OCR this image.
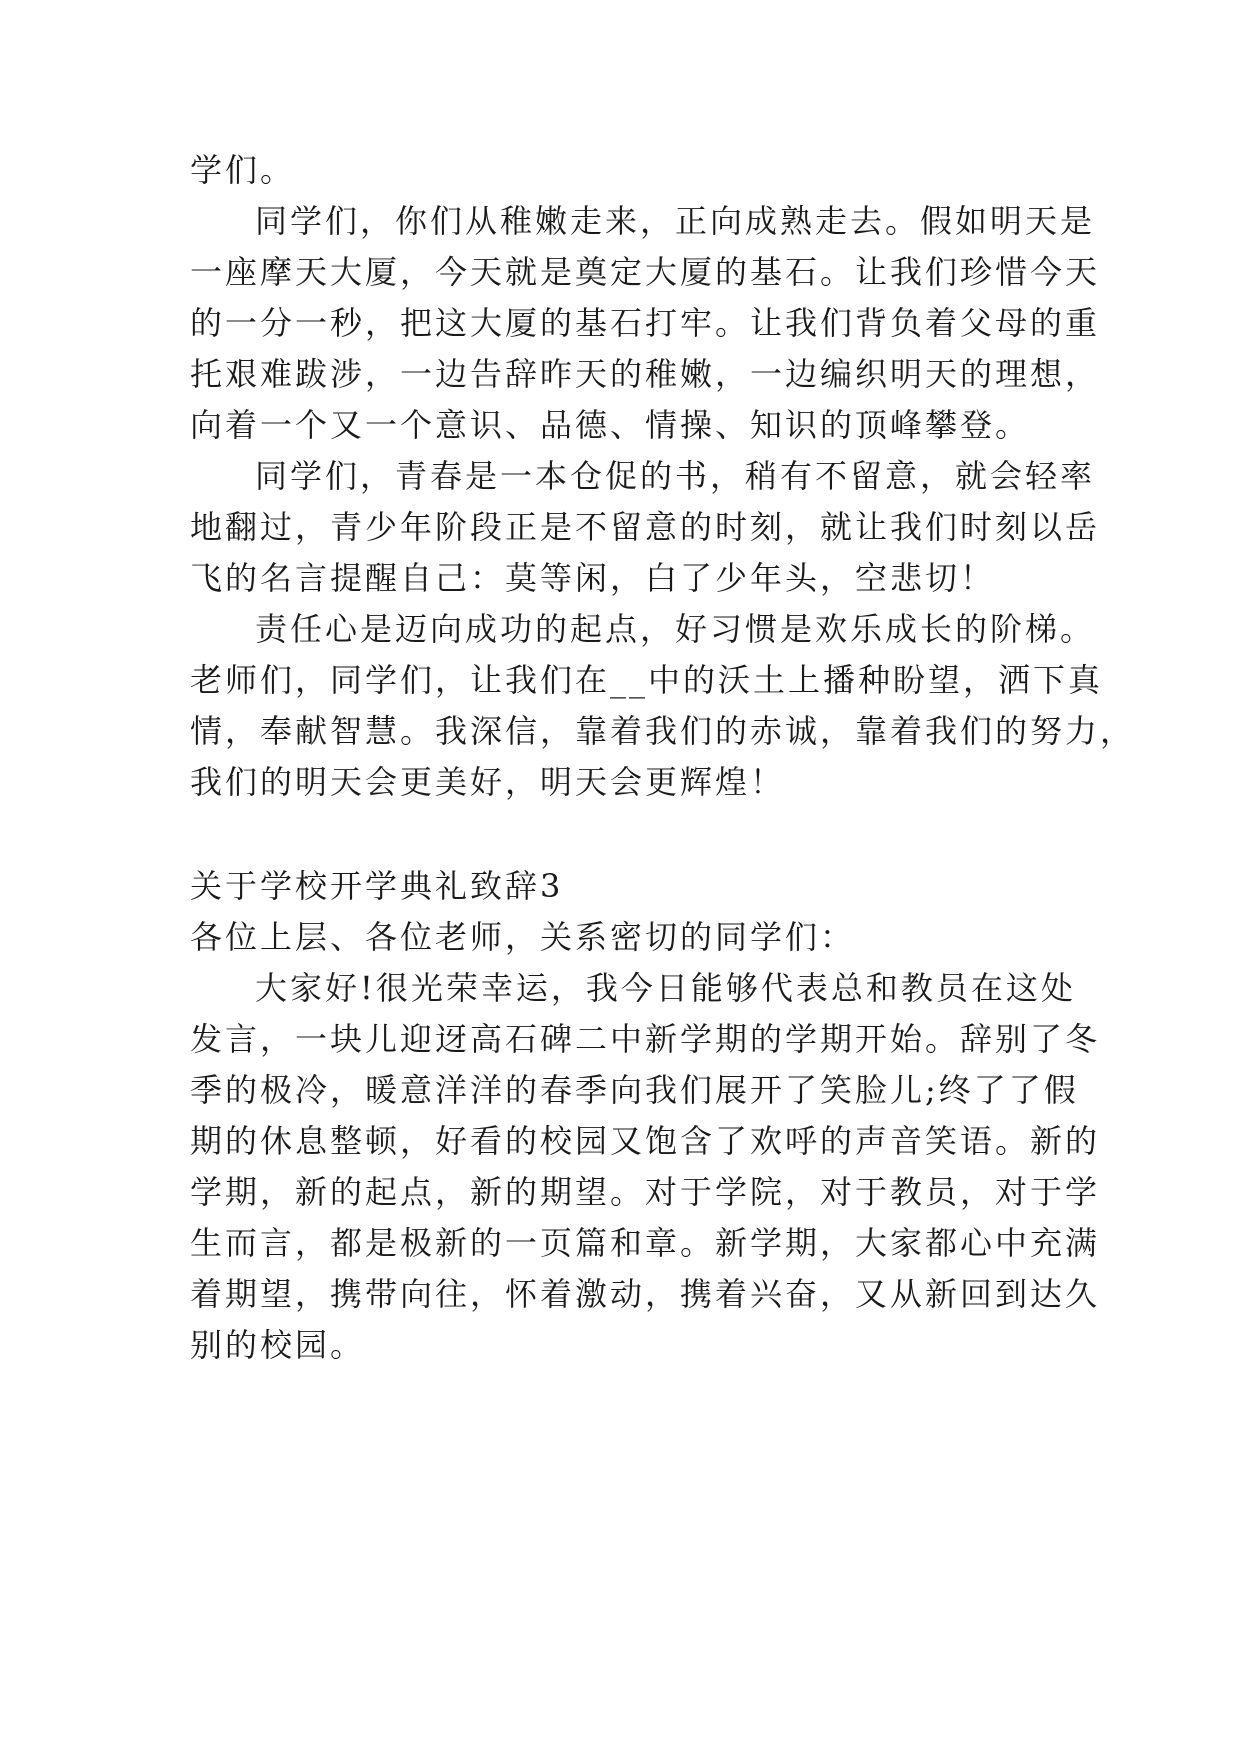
学们。
同学们，你们从稚嫩走来，正向成熟走去。假如明天是
一座摩天大厦，今天就是奠定大厦的基石。让我们珍惜今天
的一分一秒，把这大厦的基石打牢。让我们背负着父母的重
托艰难跋涉，一边告辞昨天的稚嫩，一边编织明天的理想，
向着一个又一个意识、品德、情操、知识的顶峰攀登。
同学们，青春是一本仓促的书，稍有不留意，就会轻率
地翻过，青少年阶段正是不留意的时刻，就让我们时刻以岳
飞的名言提醒自己：莫等闲，白了少年头，空悲切！
责任心是迈向成功的起点，好习惯是欢乐成长的阶梯。
老师们，同学们，让我们在__中的沃土上播种盼望，洒下真
情，奉献智慧。我深信，靠着我们的赤诚，靠着我们的努力，
我们的明天会更美好，明天会更辉煌！
关于学校开学典礼致辞3
各位上层、各位老师，关系密切的同学们：
大家好!很光荣幸运，我今日能够代表总和教员在这处
发言，一块儿迎迓高石碑二中新学期的学期开始。辞别了冬
季的极冷，暖意洋洋的春季向我们展开了笑脸儿;终了了假
期的休息整顿，好看的校园又饱含了欢呼的声音笑语。新的
学期，新的起点，新的期望。对于学院，对于教员，对于学
生而言，都是极新的一页篇和章。新学期，大家都心中充满
着期望，携带向往，怀着激动，携着兴奋，又从新回到达久
别的校园。
